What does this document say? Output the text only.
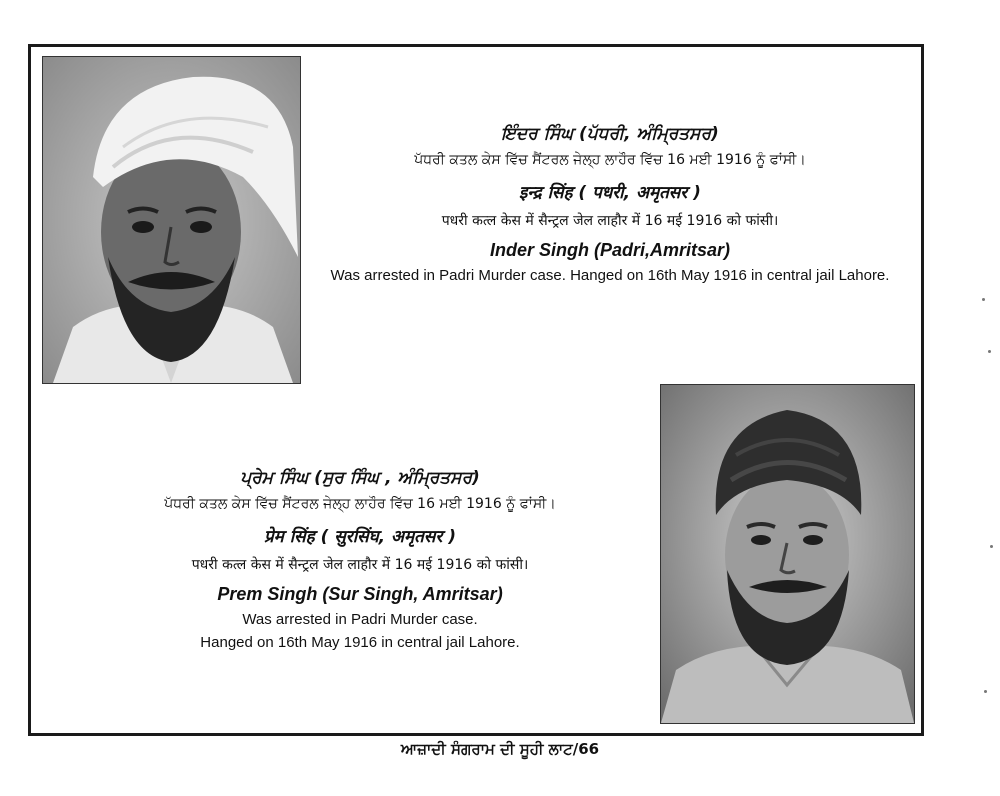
ਇੰਦਰ ਸਿੰਘ (ਪੱਧਰੀ, ਅੰਮ੍ਰਿਤਸਰ)
ਪੱਧਰੀ ਕਤਲ ਕੇਸ ਵਿੱਚ ਸੈਂਟਰਲ ਜੇਲ੍ਹ ਲਾਹੌਰ ਵਿੱਚ 16 ਮਈ 1916 ਨੂੰ ਫਾਂਸੀ।
इन्द्र सिंह ( पधरी, अमृतसर )
पधरी कत्ल केस में सैन्ट्रल जेल लाहौर में 16 मई 1916 को फांसी।
Inder Singh (Padri,Amritsar)
Was arrested in Padri Murder case. Hanged on 16th May 1916 in central jail Lahore.
ਪ੍ਰੇਮ ਸਿੰਘ (ਸੁਰ ਸਿੰਘ , ਅੰਮ੍ਰਿਤਸਰ)
ਪੱਧਰੀ ਕਤਲ ਕੇਸ ਵਿੱਚ ਸੈਂਟਰਲ ਜੇਲ੍ਹ ਲਾਹੌਰ ਵਿੱਚ 16 ਮਈ 1916 ਨੂੰ ਫਾਂਸੀ।
प्रेम सिंह ( सुरसिंघ, अमृतसर )
पधरी कत्ल केस में सैन्ट्रल जेल लाहौर में 16 मई 1916 को फांसी।
Prem Singh (Sur Singh, Amritsar)
Was arrested in Padri Murder case.
Hanged on 16th May 1916 in central jail Lahore.
ਆਜ਼ਾਦੀ ਸੰਗਰਾਮ ਦੀ ਸੂਹੀ ਲਾਟ/66
